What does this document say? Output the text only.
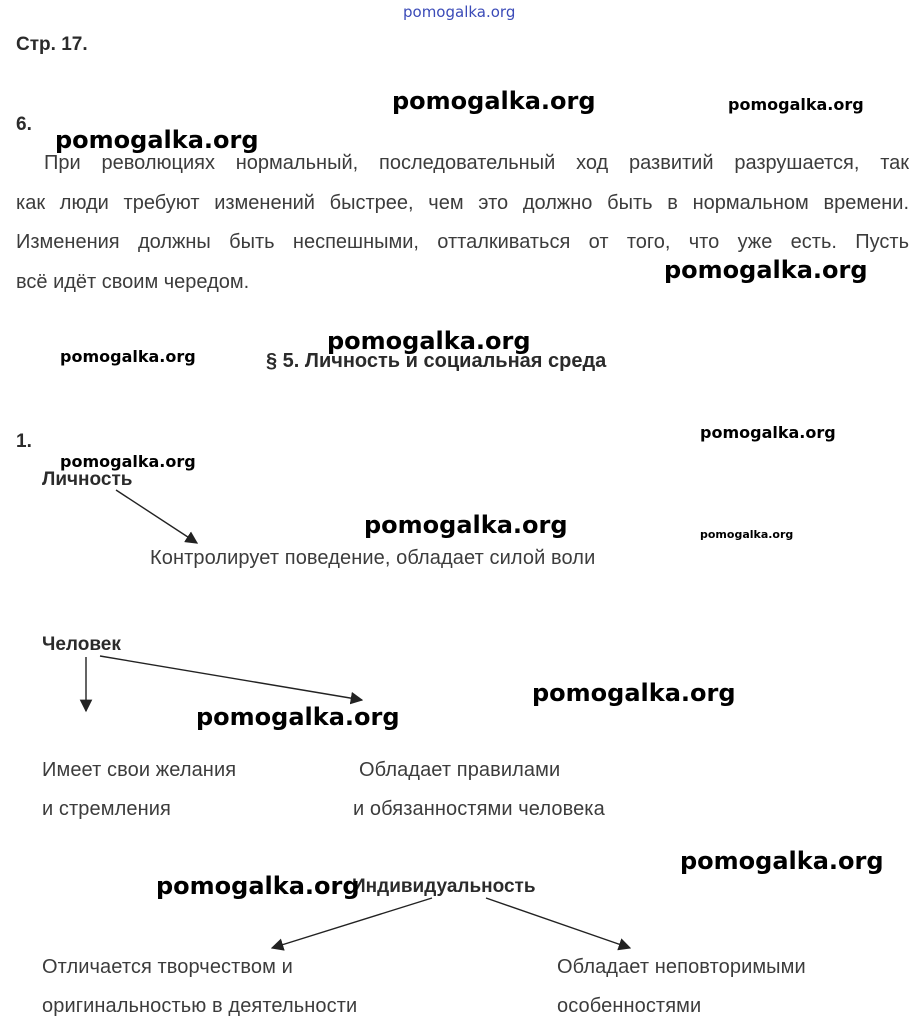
pomogalka.org
Стр. 17.
6.
При революциях нормальный, последовательный ход развитий разрушается, так
как люди требуют изменений быстрее, чем это должно быть в нормальном времени.
Изменения должны быть неспешными, отталкиваться от того, что уже есть. Пусть
всё идёт своим чередом.
§ 5. Личность и социальная среда
1.
Личность
Контролирует поведение, обладает силой воли
Человек
Имеет свои желания
и стремления
Обладает правилами
и обязанностями человека
Индивидуальность
Отличается творчеством и
оригинальностью в деятельности
Обладает неповторимыми
особенностями
pomogalka.org	pomogalka.org
pomogalka.org
pomogalka.org
pomogalka.org
pomogalka.org
pomogalka.org
pomogalka.org
pomogalka.org	pomogalka.org
pomogalka.org
pomogalka.org
pomogalka.org
pomogalka.org
